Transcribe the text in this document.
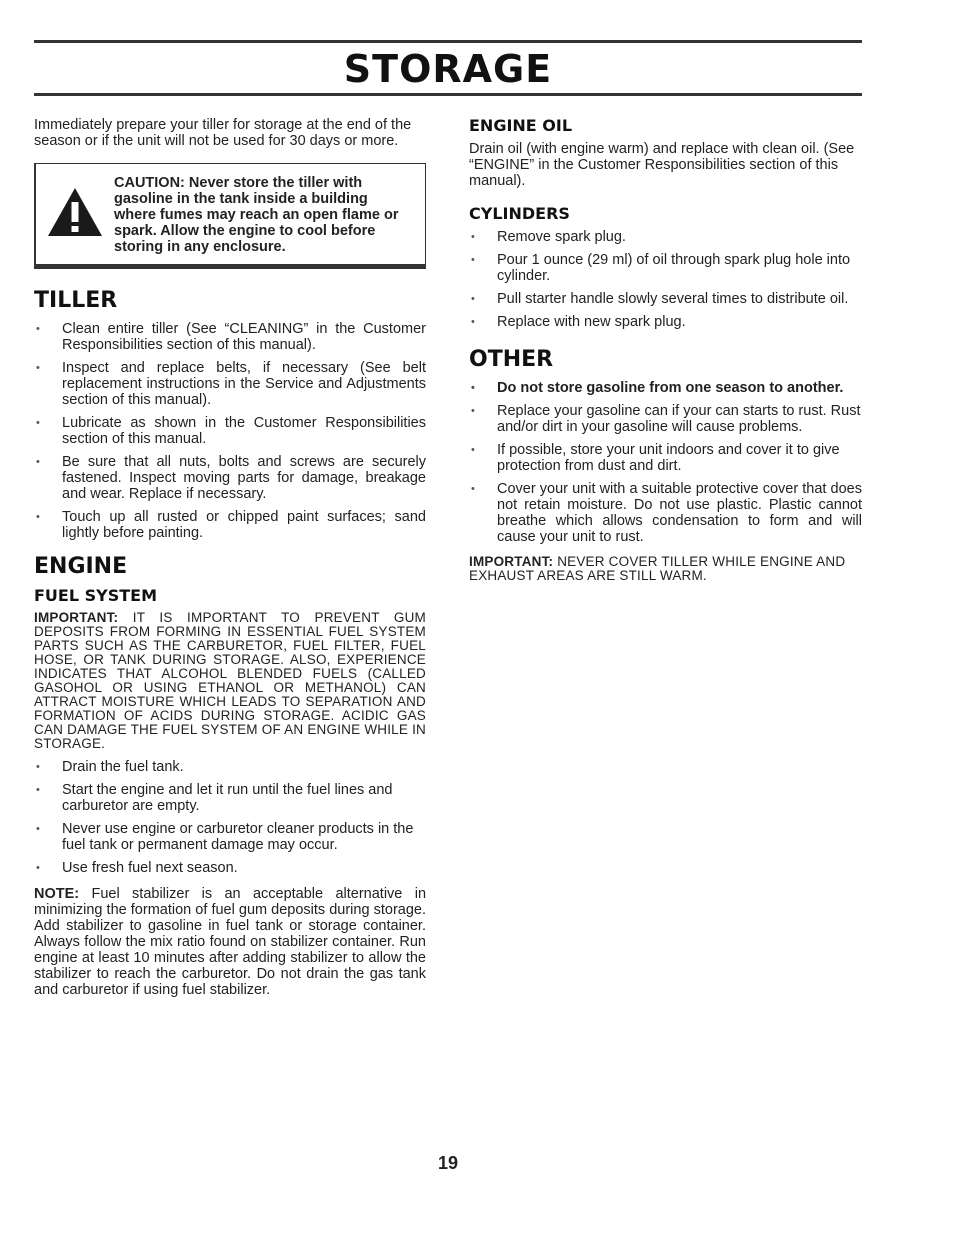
STORAGE

Immediately prepare your tiller for storage at the end of the season or if the unit will not be used for 30 days or more.

CAUTION: Never store the tiller with gasoline in the tank inside a building where fumes may reach an open flame or spark. Allow the engine to cool before storing in any enclosure.
TILLER
• Clean entire tiller (See “CLEANING” in the Customer Responsibilities section of this manual).
• Inspect and replace belts, if necessary (See belt replacement instructions in the Service and Adjustments section of this manual).
• Lubricate as shown in the Customer Responsibilities section of this manual.
• Be sure that all nuts, bolts and screws are securely fastened. Inspect moving parts for damage, breakage and wear. Replace if necessary.
• Touch up all rusted or chipped paint surfaces; sand lightly before painting.
ENGINE
FUEL SYSTEM

IMPORTANT: IT IS IMPORTANT TO PREVENT GUM DEPOSITS FROM FORMING IN ESSENTIAL FUEL SYSTEM PARTS SUCH AS THE CARBURETOR, FUEL FILTER, FUEL HOSE, OR TANK DURING STORAGE. ALSO, EXPERIENCE INDICATES THAT ALCOHOL BLENDED FUELS (CALLED GASOHOL OR USING ETHANOL OR METHANOL) CAN ATTRACT MOISTURE WHICH LEADS TO SEPARATION AND FORMATION OF ACIDS DURING STORAGE. ACIDIC GAS CAN DAMAGE THE FUEL SYSTEM OF AN ENGINE WHILE IN STORAGE.

• Drain the fuel tank.
• Start the engine and let it run until the fuel lines and carburetor are empty.
• Never use engine or carburetor cleaner products in the fuel tank or permanent damage may occur.
• Use fresh fuel next season.

NOTE: Fuel stabilizer is an acceptable alternative in minimizing the formation of fuel gum deposits during storage. Add stabilizer to gasoline in fuel tank or storage container. Always follow the mix ratio found on stabilizer container. Run engine at least 10 minutes after adding stabilizer to allow the stabilizer to reach the carburetor. Do not drain the gas tank and carburetor if using fuel stabilizer.

ENGINE OIL

Drain oil (with engine warm) and replace with clean oil. (See “ENGINE” in the Customer Responsibilities section of this manual).

CYLINDERS
• Remove spark plug.
• Pour 1 ounce (29 ml) of oil through spark plug hole into cylinder.
• Pull starter handle slowly several times to distribute oil.
• Replace with new spark plug.
OTHER
• Do not store gasoline from one season to another.
• Replace your gasoline can if your can starts to rust. Rust and/or dirt in your gasoline will cause problems.
• If possible, store your unit indoors and cover it to give protection from dust and dirt.
• Cover your unit with a suitable protective cover that does not retain moisture. Do not use plastic. Plastic cannot breathe which allows condensation to form and will cause your unit to rust.

IMPORTANT: NEVER COVER TILLER WHILE ENGINE AND EXHAUST AREAS ARE STILL WARM.

19
